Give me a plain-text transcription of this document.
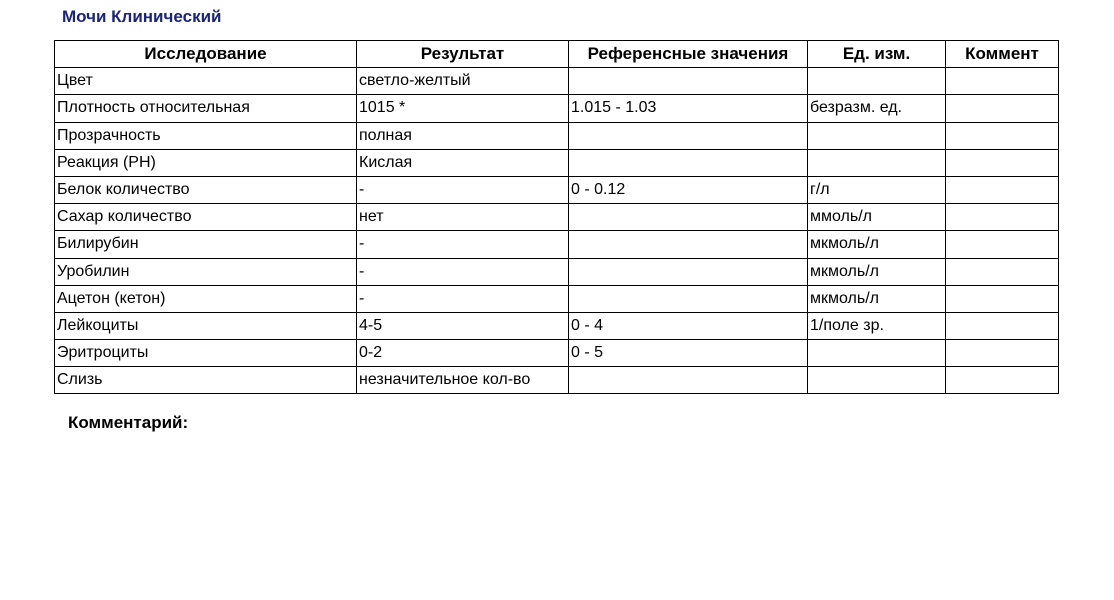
Мочи Клинический
Исследование	Результат	Референсные значения	Ед. изм.	Коммент
Цвет	светло-желтый			
Плотность относительная	1015 *	1.015 - 1.03	безразм. ед.	
Прозрачность	полная			
Реакция (PH)	Кислая			
Белок количество	-	0 - 0.12	г/л	
Сахар количество	нет		ммоль/л	
Билирубин	-		мкмоль/л	
Уробилин	-		мкмоль/л	
Ацетон (кетон)	-		мкмоль/л	
Лейкоциты	4-5	0 - 4	1/поле зр.	
Эритроциты	0-2	0 - 5		
Слизь	незначительное кол-во			
Комментарий:
